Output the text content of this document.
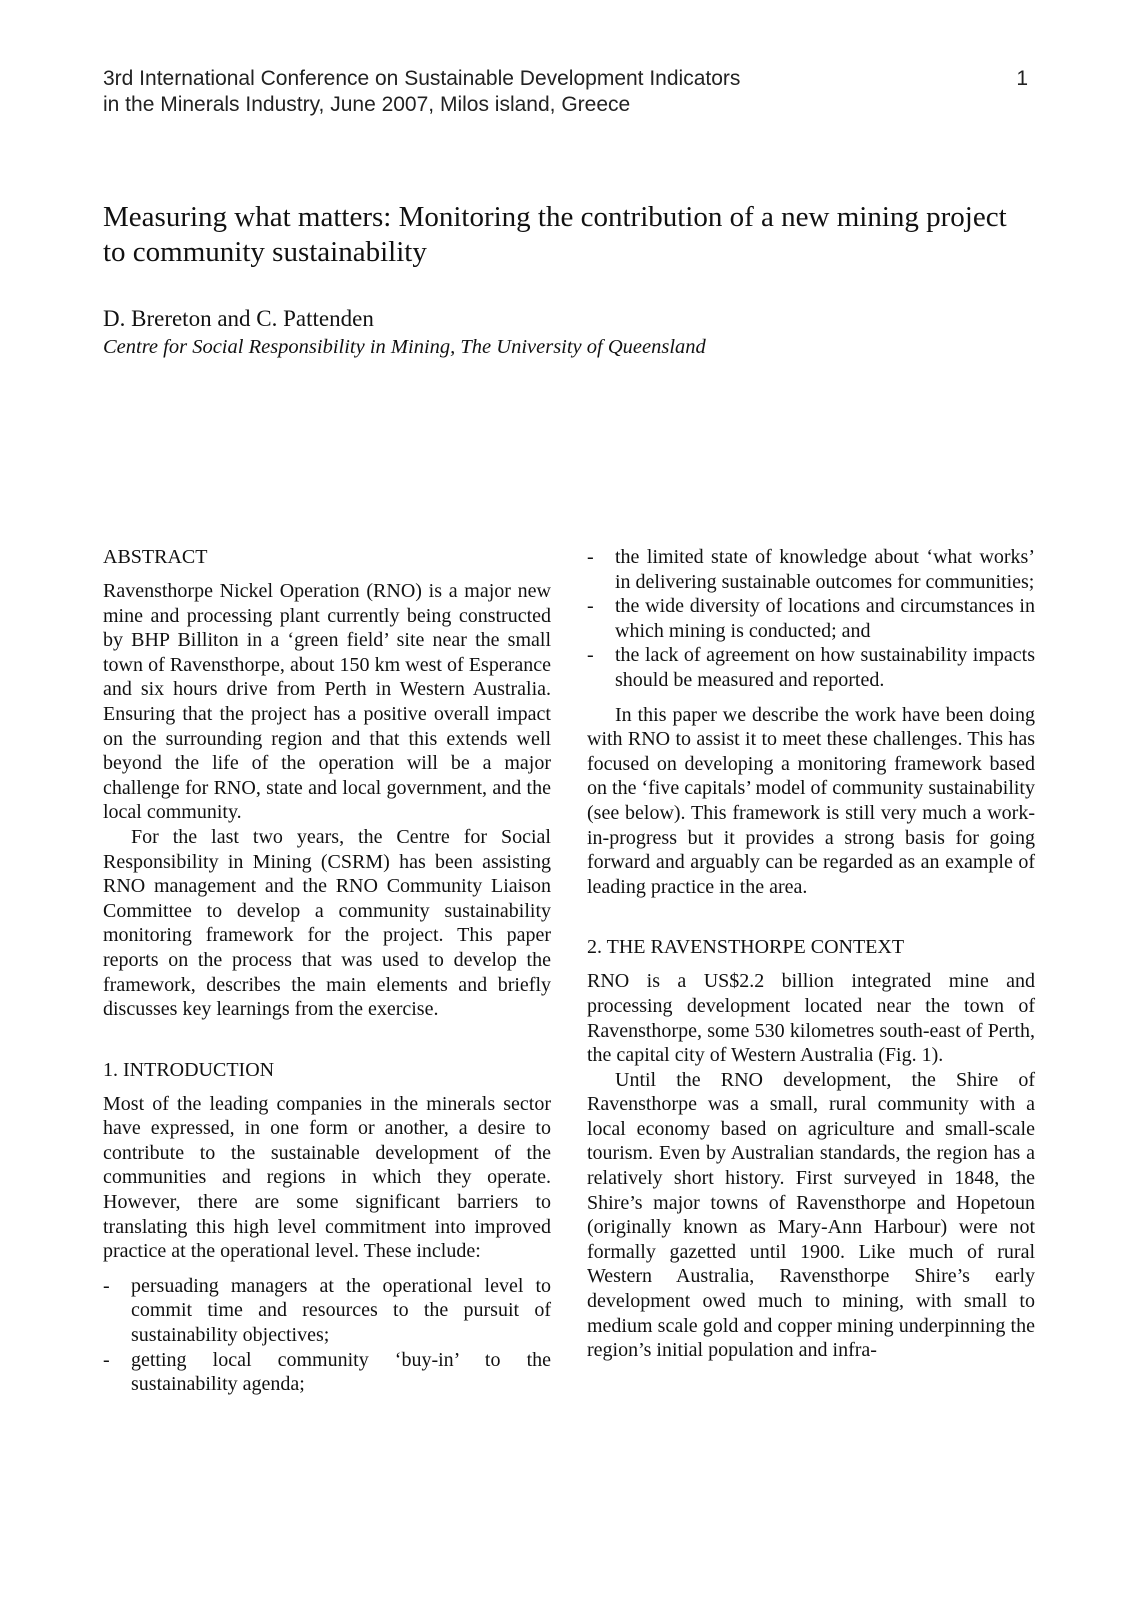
3rd International Conference on Sustainable Development Indicators
in the Minerals Industry, June 2007, Milos island, Greece
1
Measuring what matters: Monitoring the contribution of a new mining project to community sustainability
D. Brereton and C. Pattenden
Centre for Social Responsibility in Mining, The University of Queensland
ABSTRACT

Ravensthorpe Nickel Operation (RNO) is a major new mine and processing plant currently being constructed by BHP Billiton in a ‘green field’ site near the small town of Ravensthorpe, about 150 km west of Esperance and six hours drive from Perth in Western Australia. Ensuring that the project has a positive overall impact on the surrounding region and that this extends well beyond the life of the operation will be a major challenge for RNO, state and local government, and the local community.

For the last two years, the Centre for Social Responsibility in Mining (CSRM) has been assisting RNO management and the RNO Community Liaison Committee to develop a community sustainability monitoring framework for the project. This paper reports on the process that was used to develop the framework, describes the main elements and briefly discusses key learnings from the exercise.

1. INTRODUCTION

Most of the leading companies in the minerals sector have expressed, in one form or another, a desire to contribute to the sustainable development of the communities and regions in which they operate. However, there are some significant barriers to translating this high level commitment into improved practice at the operational level. These include:

- persuading managers at the operational level to commit time and resources to the pursuit of sustainability objectives;
- getting local community ‘buy-in’ to the sustainability agenda;
- the limited state of knowledge about ‘what works’ in delivering sustainable outcomes for communities;
- the wide diversity of locations and circumstances in which mining is conducted; and
- the lack of agreement on how sustainability impacts should be measured and reported.

In this paper we describe the work have been doing with RNO to assist it to meet these challenges. This has focused on developing a monitoring framework based on the ‘five capitals’ model of community sustainability (see below). This framework is still very much a work- in-progress but it provides a strong basis for going forward and arguably can be regarded as an example of leading practice in the area.

2. THE RAVENSTHORPE CONTEXT

RNO is a US$2.2 billion integrated mine and processing development located near the town of Ravensthorpe, some 530 kilometres south-east of Perth, the capital city of Western Australia (Fig. 1).

Until the RNO development, the Shire of Ravensthorpe was a small, rural community with a local economy based on agriculture and small-scale tourism. Even by Australian standards, the region has a relatively short history. First surveyed in 1848, the Shire’s major towns of Ravensthorpe and Hopetoun (originally known as Mary-Ann Harbour) were not formally gazetted until 1900. Like much of rural Western Australia, Ravensthorpe Shire’s early development owed much to mining, with small to medium scale gold and copper mining underpinning the region’s initial population and infra-
